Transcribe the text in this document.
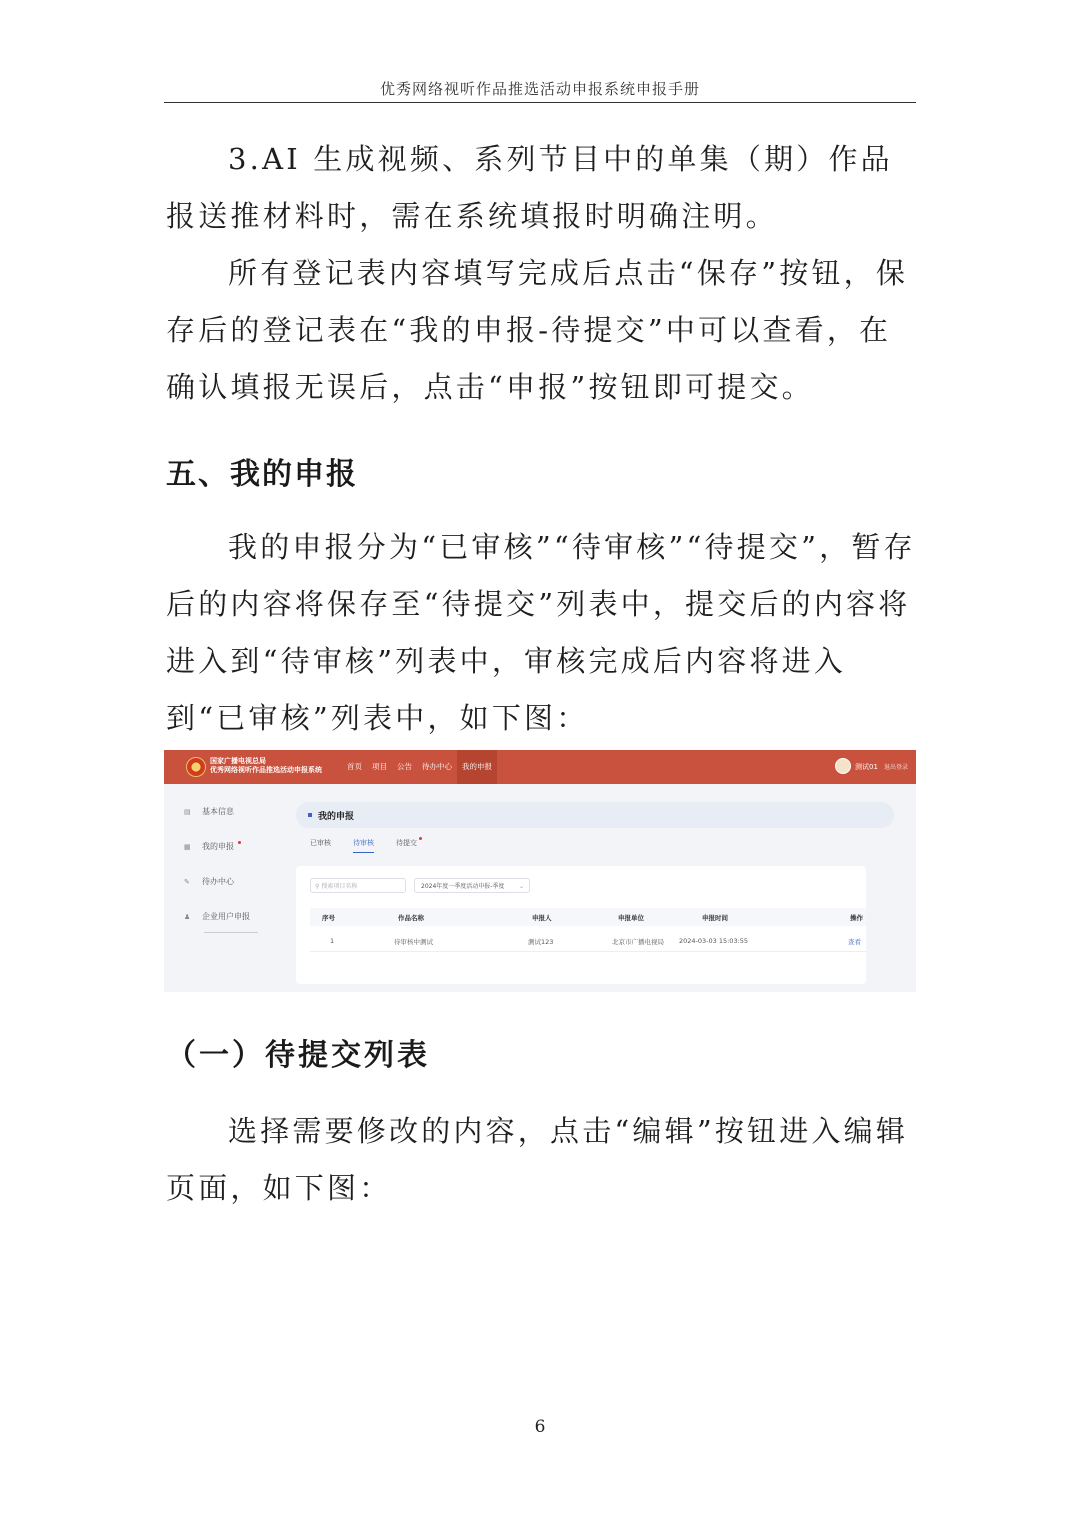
优秀网络视听作品推选活动申报系统申报手册

3.AI 生成视频、系列节目中的单集（期）作品报送推材料时，需在系统填报时明确注明。

所有登记表内容填写完成后点击“保存”按钮，保存后的登记表在“我的申报-待提交”中可以查看，在确认填报无误后，点击“申报”按钮即可提交。

五、我的申报

我的申报分为“已审核”“待审核”“待提交”，暂存后的内容将保存至“待提交”列表中，提交后的内容将进入到“待审核”列表中，审核完成后内容将进入到“已审核”列表中，如下图：

国家广播电视总局
优秀网络视听作品推选活动申报系统	首页	项目	公告	待办中心	我的申报	测试01 退出登录
▤ 基本信息
▦ 我的申报
✎ 待办中心
♟ 企业用户申报
我的申报
已审核	待审核	待提交
⚲ 搜索项目名称	2024年度一季度活动申报-季度 ⌄
序号	作品名称	申报人	申报单位	申报时间	操作
1	待审核中测试	测试123	北京市广播电视局 2024-03-03 15:03:55	查看
（一）待提交列表

选择需要修改的内容，点击“编辑”按钮进入编辑页面，如下图：

6
